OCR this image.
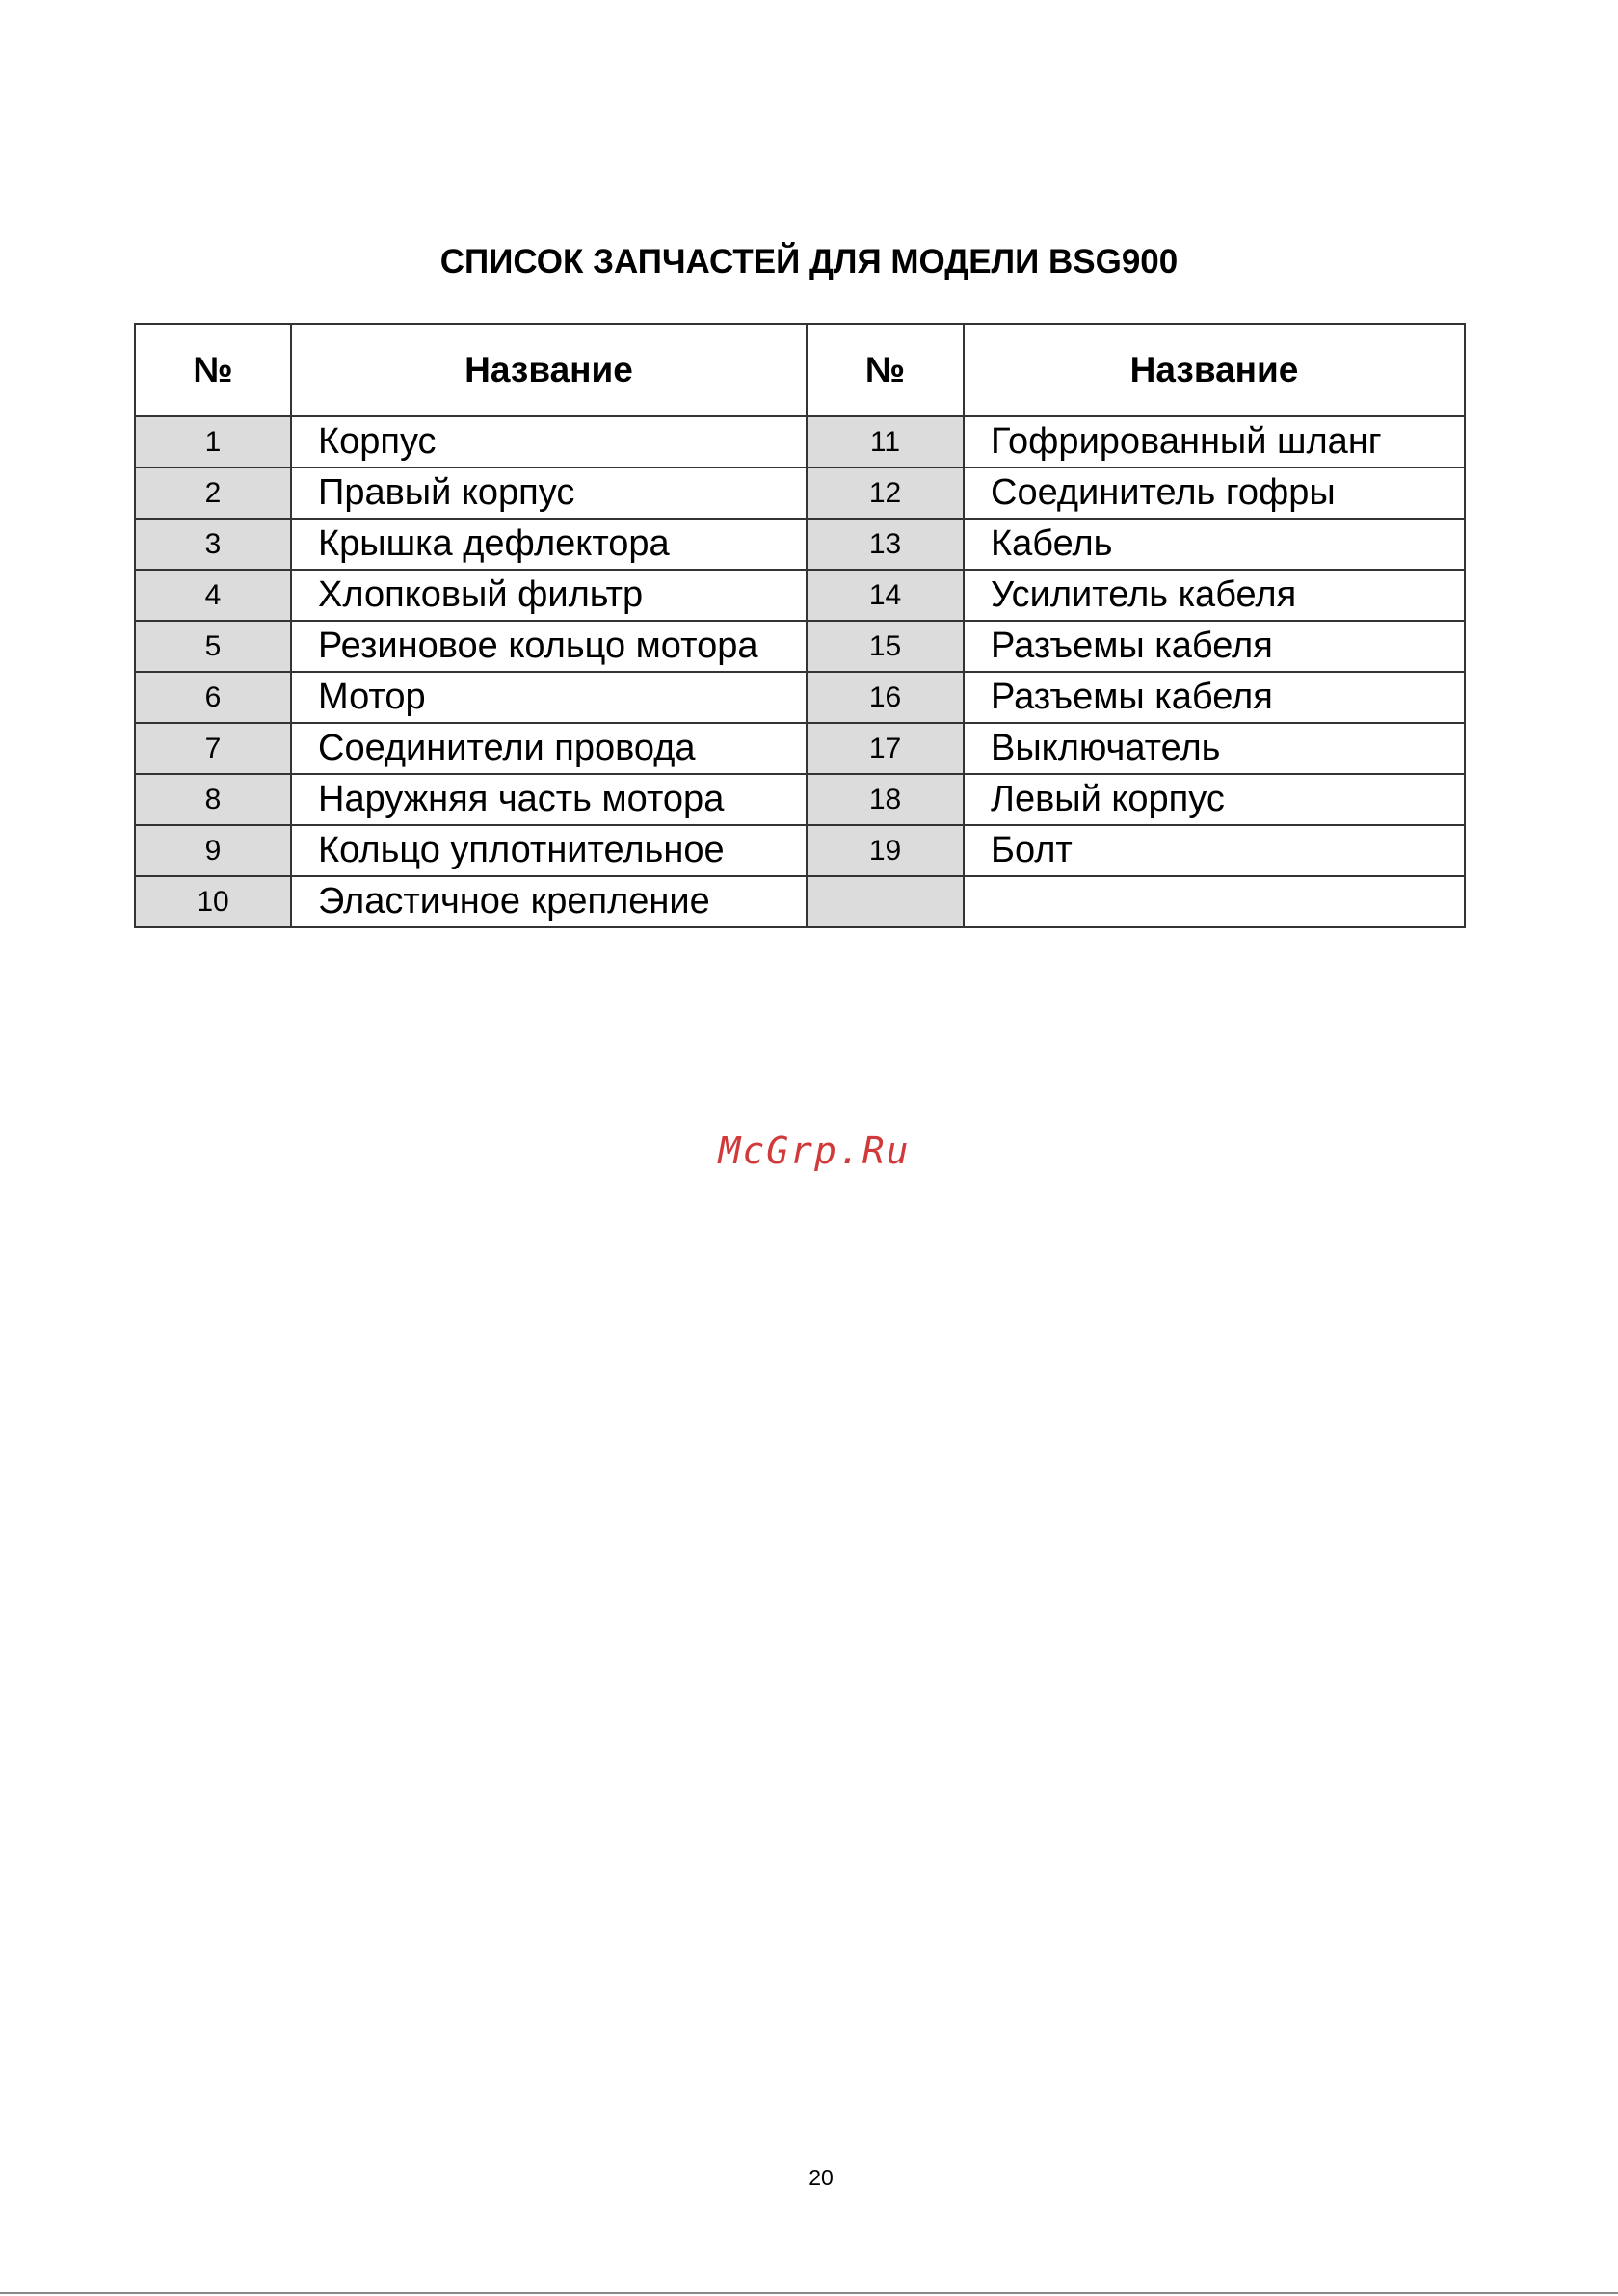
СПИСОК ЗАПЧАСТЕЙ ДЛЯ МОДЕЛИ BSG900
№	Название	№	Название
1	Корпус	11	Гофрированный шланг
2	Правый корпус	12	Соединитель гофры
3	Крышка дефлектора	13	Кабель
4	Хлопковый фильтр	14	Усилитель кабеля
5	Резиновое кольцо мотора	15	Разъемы кабеля
6	Мотор	16	Разъемы кабеля
7	Соединители провода	17	Выключатель
8	Наружняя часть мотора	18	Левый корпус
9	Кольцо уплотнительное	19	Болт
10	Эластичное крепление		
McGrp.Ru
20
